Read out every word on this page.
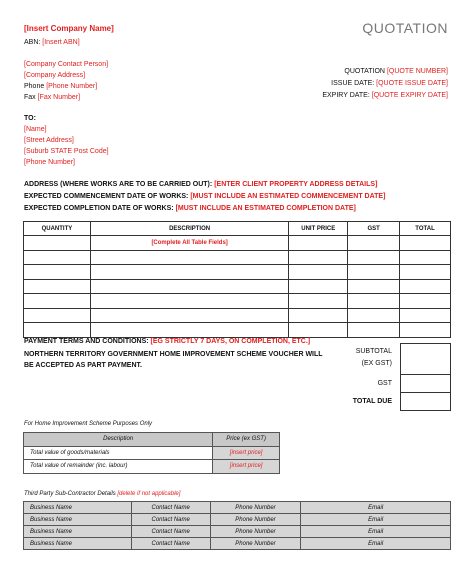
[Insert Company Name]
ABN: [Insert ABN]
[Company Contact Person]
[Company Address]
Phone [Phone Number]
Fax [Fax Number]
QUOTATION
QUOTATION [QUOTE NUMBER]
ISSUE DATE: [QUOTE ISSUE DATE]
EXPIRY DATE: [QUOTE EXPIRY DATE]
TO:
[Name]
[Street Address]
[Suburb STATE Post Code]
[Phone Number]
ADDRESS (WHERE WORKS ARE TO BE CARRIED OUT): [ENTER CLIENT PROPERTY ADDRESS DETAILS]
EXPECTED COMMENCEMENT DATE OF WORKS: [MUST INCLUDE AN ESTIMATED COMMENCEMENT DATE]
EXPECTED COMPLETION DATE OF WORKS: [MUST INCLUDE AN ESTIMATED COMPLETION DATE]
QUANTITY	DESCRIPTION	UNIT PRICE	GST	TOTAL
	[Complete All Table Fields]			

PAYMENT TERMS AND CONDITIONS: [EG STRICTLY 7 DAYS, ON COMPLETION, ETC.]
NORTHERN TERRITORY GOVERNMENT HOME IMPROVEMENT SCHEME VOUCHER WILL
BE ACCEPTED AS PART PAYMENT.
SUBTOTAL
(EX GST)
GST
TOTAL DUE

For Home Improvement Scheme Purposes Only
Description	Price (ex GST)
Total value of goods/materials	[insert price]
Total value of remainder (inc. labour)	[insert price]
Third Party Sub-Contractor Details [delete if not applicable]
Business Name	Contact Name	Phone Number	Email
Business Name	Contact Name	Phone Number	Email
Business Name	Contact Name	Phone Number	Email
Business Name	Contact Name	Phone Number	Email
